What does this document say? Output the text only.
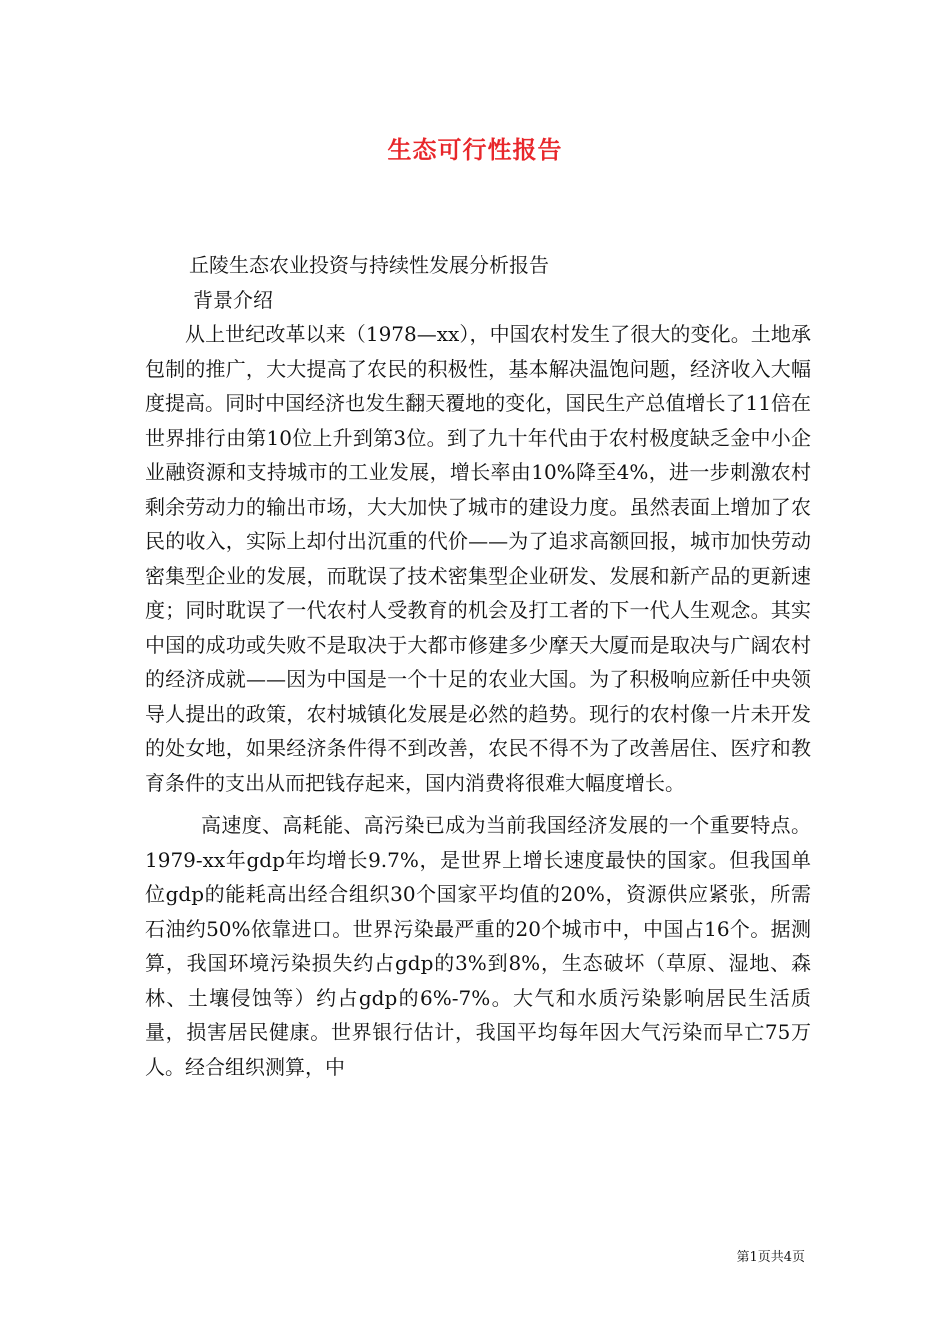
生态可行性报告

丘陵生态农业投资与持续性发展分析报告

背景介绍

从上世纪改革以来（1978—xx），中国农村发生了很大的变化。土地承包制的推广，大大提高了农民的积极性，基本解决温饱问题，经济收入大幅度提高。同时中国经济也发生翻天覆地的变化，国民生产总值增长了11倍在世界排行由第10位上升到第3位。到了九十年代由于农村极度缺乏金中小企业融资源和支持城市的工业发展，增长率由10%降至4%，进一步刺激农村剩余劳动力的输出市场，大大加快了城市的建设力度。虽然表面上增加了农民的收入，实际上却付出沉重的代价——为了追求高额回报，城市加快劳动密集型企业的发展，而耽误了技术密集型企业研发、发展和新产品的更新速度；同时耽误了一代农村人受教育的机会及打工者的下一代人生观念。其实中国的成功或失败不是取决于大都市修建多少摩天大厦而是取决与广阔农村的经济成就——因为中国是一个十足的农业大国。为了积极响应新任中央领导人提出的政策，农村城镇化发展是必然的趋势。现行的农村像一片未开发的处女地，如果经济条件得不到改善，农民不得不为了改善居住、医疗和教育条件的支出从而把钱存起来，国内消费将很难大幅度增长。

高速度、高耗能、高污染已成为当前我国经济发展的一个重要特点。1979-xx年gdp年均增长9.7%，是世界上增长速度最快的国家。但我国单位gdp的能耗高出经合组织30个国家平均值的20%，资源供应紧张，所需石油约50%依靠进口。世界污染最严重的20个城市中，中国占16个。据测算，我国环境污染损失约占gdp的3%到8%，生态破坏（草原、湿地、森林、土壤侵蚀等）约占gdp的6%-7%。大气和水质污染影响居民生活质量，损害居民健康。世界银行估计，我国平均每年因大气污染而早亡75万人。经合组织测算，中

第1页共4页
